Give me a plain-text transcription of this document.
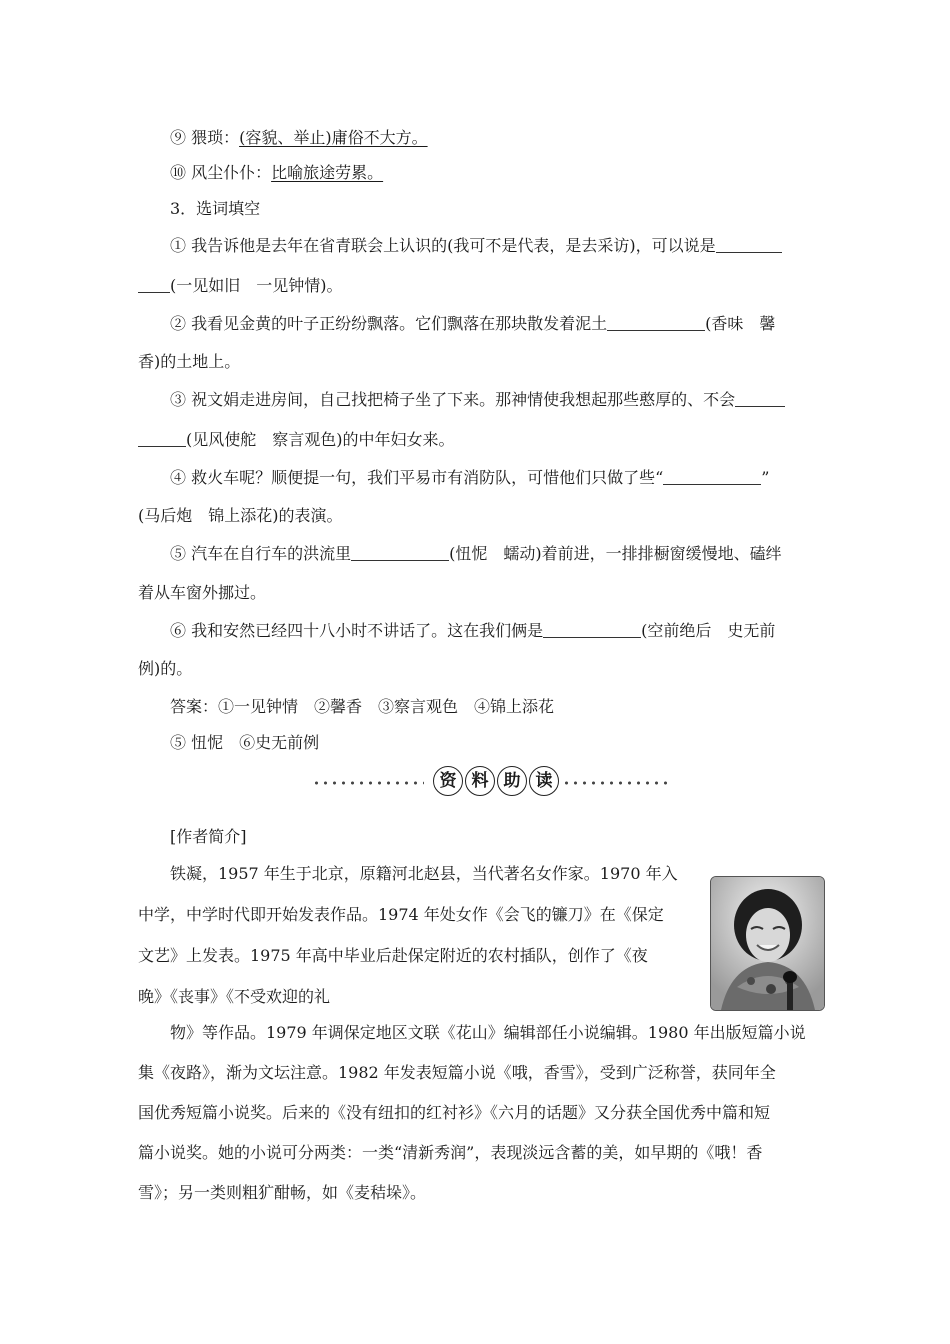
⑨ 猥琐：(容貌、举止)庸俗不大方。
⑩ 风尘仆仆：比喻旅途劳累。
3．选词填空
① 我告诉他是去年在省青联会上认识的(我可不是代表，是去采访)，可以说是
(一见如旧　一见钟情)。
② 我看见金黄的叶子正纷纷飘落。它们飘落在那块散发着泥土	(香味　馨
香)的土地上。
③ 祝文娟走进房间，自己找把椅子坐了下来。那神情使我想起那些憨厚的、不会
(见风使舵　察言观色)的中年妇女来。
④ 救火车呢？顺便提一句，我们平易市有消防队，可惜他们只做了些“	”
(马后炮　锦上添花)的表演。
⑤ 汽车在自行车的洪流里	(忸怩　蠕动)着前进，一排排橱窗缓慢地、磕绊
着从车窗外挪过。
⑥ 我和安然已经四十八小时不讲话了。这在我们俩是	(空前绝后　史无前
例)的。
答案：①一见钟情　②馨香　③察言观色　④锦上添花
⑤ 忸怩　⑥史无前例
资 料 助 读
[作者简介]
铁凝，1957 年生于北京，原籍河北赵县，当代著名女作家。1970 年入
中学，中学时代即开始发表作品。1974 年处女作《会飞的镰刀》在《保定
文艺》上发表。1975 年高中毕业后赴保定附近的农村插队，创作了《夜
晚》《丧事》《不受欢迎的礼
物》等作品。1979 年调保定地区文联《花山》编辑部任小说编辑。1980 年出版短篇小说
集《夜路》，渐为文坛注意。1982 年发表短篇小说《哦，香雪》，受到广泛称誉，获同年全
国优秀短篇小说奖。后来的《没有纽扣的红衬衫》《六月的话题》又分获全国优秀中篇和短
篇小说奖。她的小说可分两类：一类“清新秀润”，表现淡远含蓄的美，如早期的《哦！香
雪》；另一类则粗犷酣畅，如《麦秸垛》。
